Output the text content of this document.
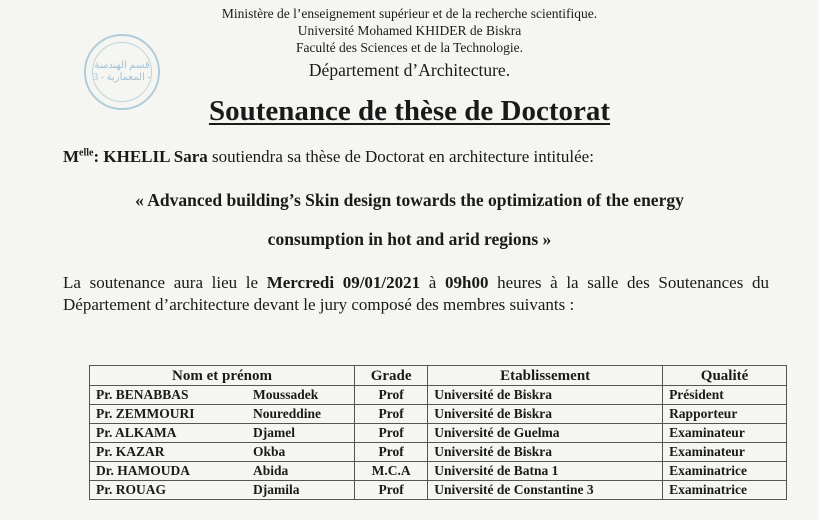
Ministère de l’enseignement supérieur et de la recherche scientifique.
Université Mohamed KHIDER de Biskra
Faculté des Sciences et de la Technologie.
Département d’Architecture.
قسم الهندسة المعمارية - 3 -
Soutenance de thèse de Doctorat
$M^{elle}$: KHELIL Sara soutiendra sa thèse de Doctorat en architecture intitulée:
« Advanced building’s Skin design towards the optimization of the energy
consumption in hot and arid regions »
La soutenance aura lieu le Mercredi 09/01/2021 à 09h00 heures à la salle des Soutenances du Département d’architecture devant le jury composé des membres suivants :
Nom et prénom		Grade	Etablissement	Qualité
Pr. BENABBAS	Moussadek	Prof	Université de Biskra	Président
Pr. ZEMMOURI	Noureddine	Prof	Université de Biskra	Rapporteur
Pr. ALKAMA	Djamel	Prof	Université de Guelma	Examinateur
Pr. KAZAR	Okba	Prof	Université de Biskra	Examinateur
Dr. HAMOUDA	Abida	M.C.A	Université de Batna 1	Examinatrice
Pr. ROUAG	Djamila	Prof	Université de Constantine 3	Examinatrice
